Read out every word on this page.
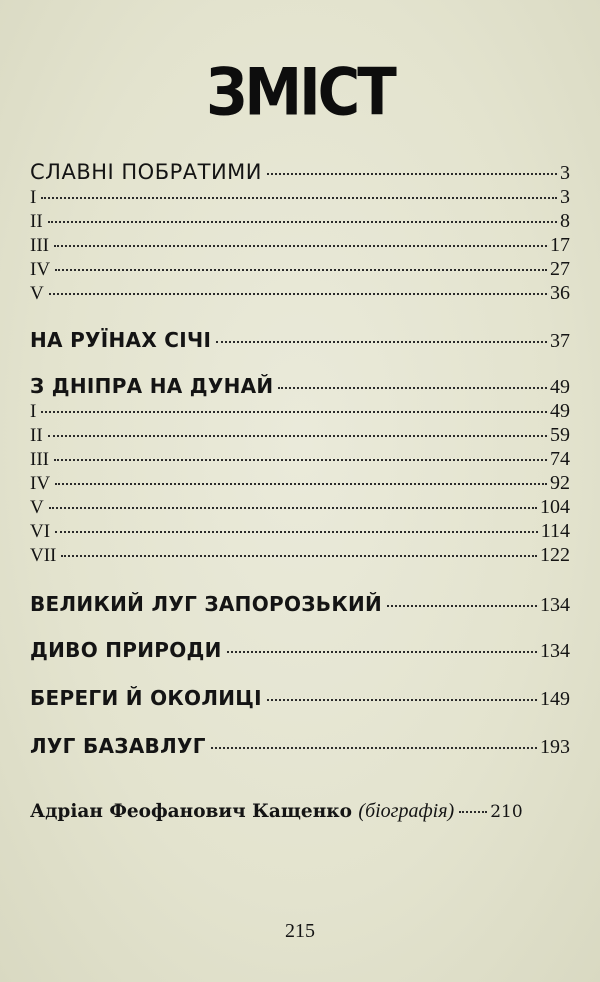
ЗМІСТ
СЛАВНІ ПОБРАТИМИ	3
I	3
II	8
III	17
IV	27
V	36
НА РУЇНАХ СІЧІ	37
З ДНІПРА НА ДУНАЙ	49
I	49
II	59
III	74
IV	92
V	104
VI	114
VII	122
ВЕЛИКИЙ ЛУГ ЗАПОРОЗЬКИЙ	134
ДИВО ПРИРОДИ	134
БЕРЕГИ Й ОКОЛИЦІ	149
ЛУГ БАЗАВЛУГ	193
Адріан Феофанович Кащенко (біографія) 210
215
